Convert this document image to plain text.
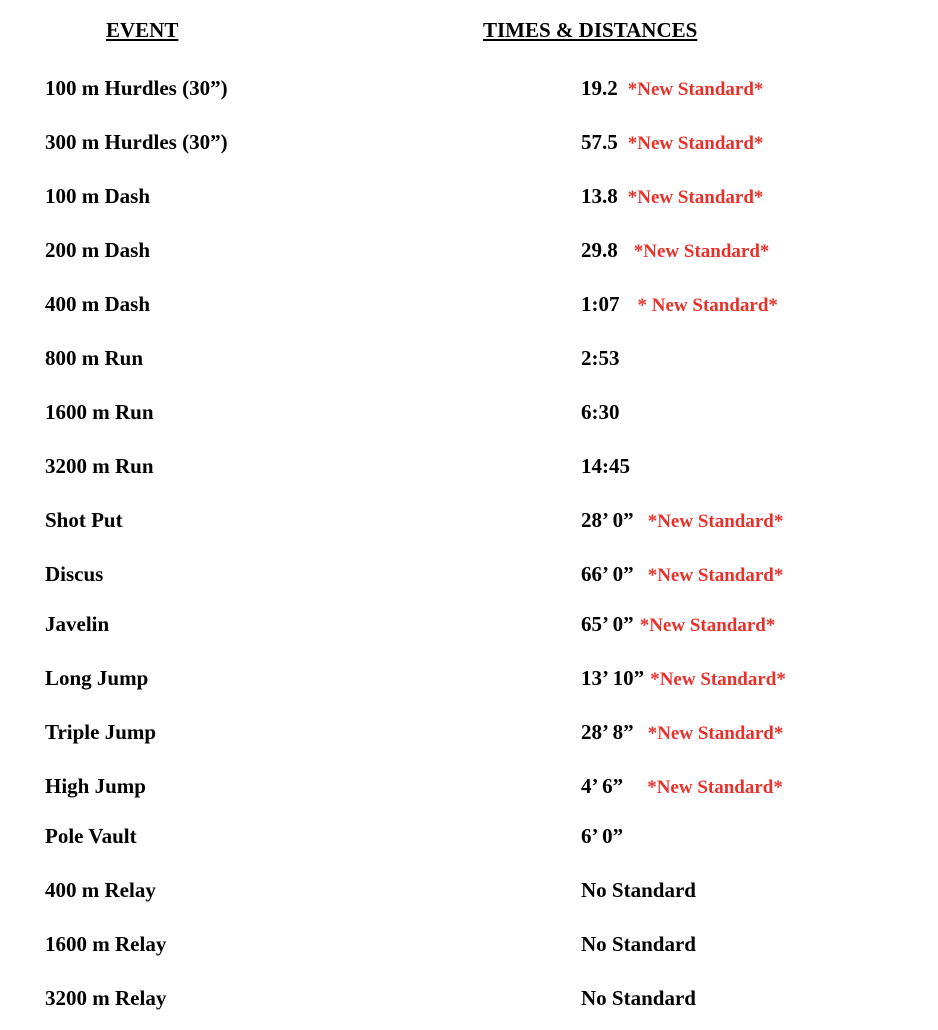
EVENT	TIMES & DISTANCES
100 m Hurdles (30”)	19.2 *New Standard*
300 m Hurdles (30”)	57.5 *New Standard*
100 m Dash	13.8 *New Standard*
200 m Dash	29.8 *New Standard*
400 m Dash	1:07 * New Standard*
800 m Run	2:53
1600 m Run	6:30
3200 m Run	14:45
Shot Put	28’ 0” *New Standard*
Discus	66’ 0” *New Standard*
Javelin	65’ 0” *New Standard*
Long Jump	13’ 10” *New Standard*
Triple Jump	28’ 8” *New Standard*
High Jump	4’ 6” *New Standard*
Pole Vault	6’ 0”
400 m Relay	No Standard
1600 m Relay	No Standard
3200 m Relay	No Standard
